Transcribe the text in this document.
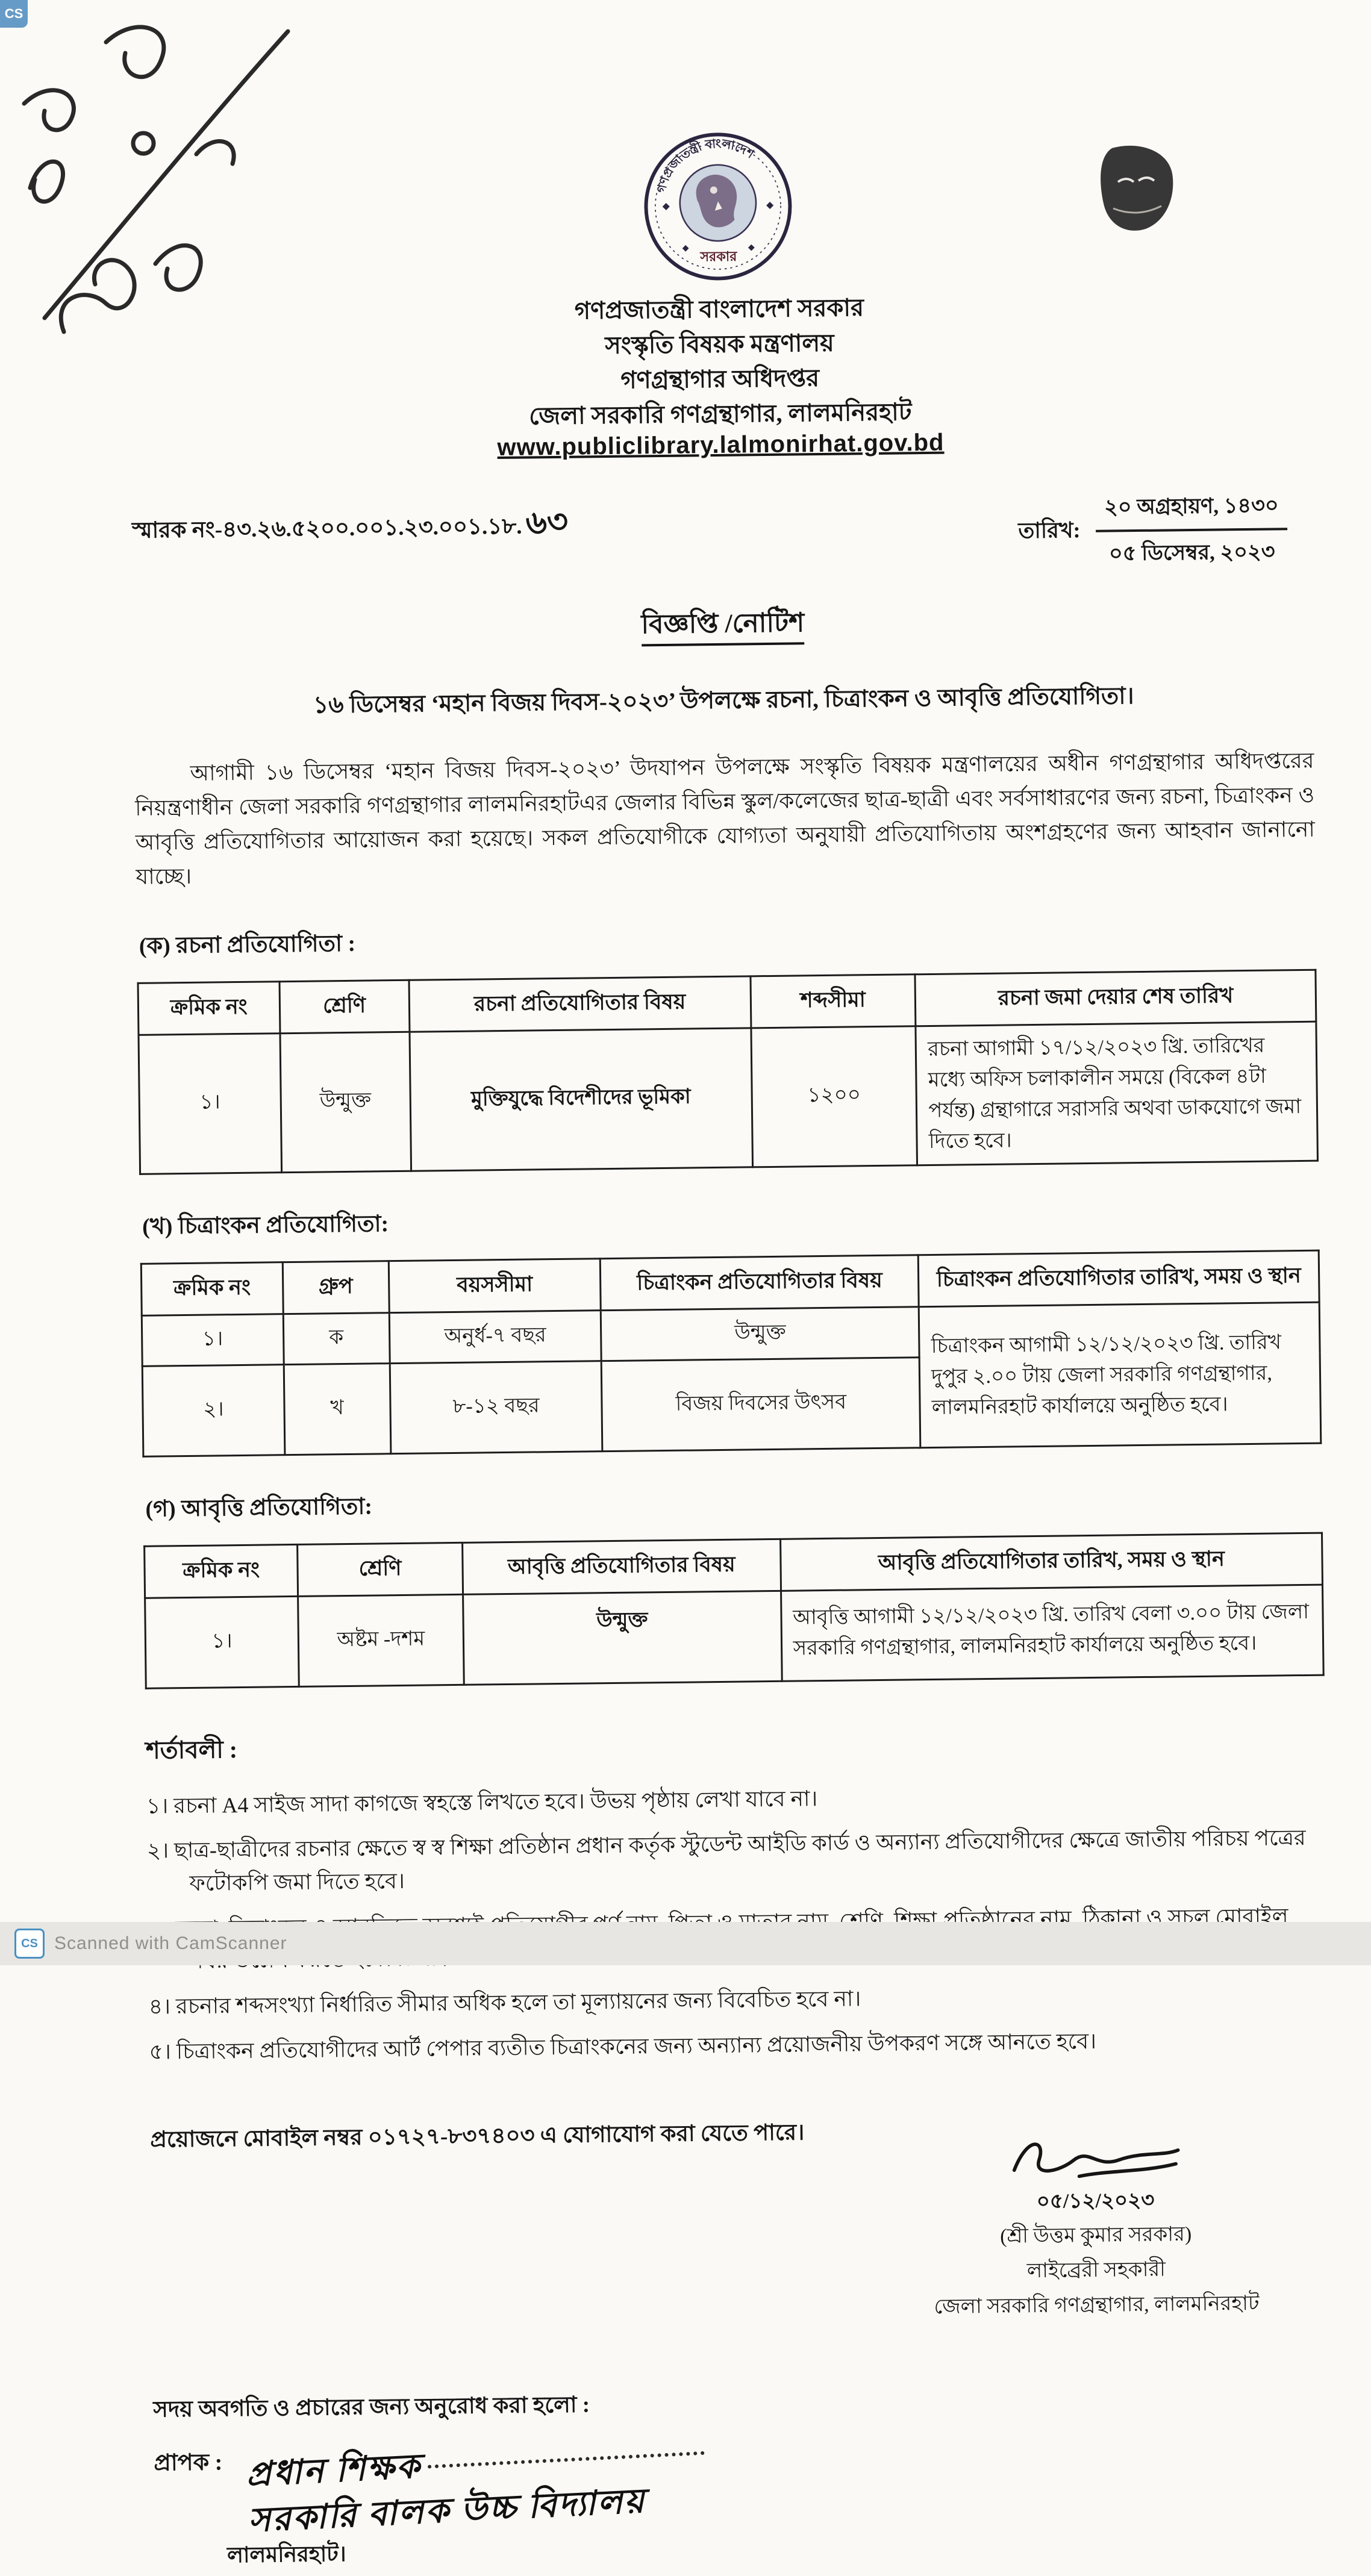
CS
গণপ্রজাতন্ত্রী বাংলাদেশ
সরকার
গণপ্রজাতন্ত্রী বাংলাদেশ সরকার
সংস্কৃতি বিষয়ক মন্ত্রণালয়
গণগ্রন্থাগার অধিদপ্তর
জেলা সরকারি গণগ্রন্থাগার, লালমনিরহাট
www.publiclibrary.lalmonirhat.gov.bd
স্মারক নং-৪৩.২৬.৫২০০.০০১.২৩.০০১.১৮.৬৩	তারিখ:
২০ অগ্রহায়ণ, ১৪৩০
০৫ ডিসেম্বর, ২০২৩
বিজ্ঞপ্তি /নোটিশ
১৬ ডিসেম্বর ‘মহান বিজয় দিবস-২০২৩’ উপলক্ষে রচনা, চিত্রাংকন ও আবৃত্তি প্রতিযোগিতা।
আগামী ১৬ ডিসেম্বর ‘মহান বিজয় দিবস-২০২৩’ উদযাপন উপলক্ষে সংস্কৃতি বিষয়ক মন্ত্রণালয়ের অধীন গণগ্রন্থাগার অধিদপ্তরের নিয়ন্ত্রণাধীন জেলা সরকারি গণগ্রন্থাগার লালমনিরহাটএর জেলার বিভিন্ন স্কুল/কলেজের ছাত্র-ছাত্রী এবং সর্বসাধারণের জন্য রচনা, চিত্রাংকন ও আবৃত্তি প্রতিযোগিতার আয়োজন করা হয়েছে। সকল প্রতিযোগীকে যোগ্যতা অনুযায়ী প্রতিযোগিতায় অংশগ্রহণের জন্য আহবান জানানো যাচ্ছে।
(ক) রচনা প্রতিযোগিতা :
ক্রমিক নং	শ্রেণি	রচনা প্রতিযোগিতার বিষয়	শব্দসীমা	রচনা জমা দেয়ার শেষ তারিখ
১।	উন্মুক্ত	মুক্তিযুদ্ধে বিদেশীদের ভূমিকা	১২০০	রচনা আগামী ১৭/১২/২০২৩ খ্রি. তারিখের মধ্যে অফিস চলাকালীন সময়ে (বিকেল ৪টা পর্যন্ত) গ্রন্থাগারে সরাসরি অথবা ডাকযোগে জমা দিতে হবে।
(খ) চিত্রাংকন প্রতিযোগিতা:
ক্রমিক নং	গ্রুপ	বয়সসীমা	চিত্রাংকন প্রতিযোগিতার বিষয়	চিত্রাংকন প্রতিযোগিতার তারিখ, সময় ও স্থান
১।	ক	অনুর্ধ-৭ বছর	উন্মুক্ত	চিত্রাংকন আগামী ১২/১২/২০২৩ খ্রি. তারিখ দুপুর ২.০০ টায় জেলা সরকারি গণগ্রন্থাগার, লালমনিরহাট কার্যালয়ে অনুষ্ঠিত হবে।
২।	খ	৮-১২ বছর	বিজয় দিবসের উৎসব	
(গ) আবৃত্তি প্রতিযোগিতা:
ক্রমিক নং	শ্রেণি	আবৃত্তি প্রতিযোগিতার বিষয়	আবৃত্তি প্রতিযোগিতার তারিখ, সময় ও স্থান
১।	অষ্টম -দশম	উন্মুক্ত	আবৃত্তি আগামী ১২/১২/২০২৩ খ্রি. তারিখ বেলা ৩.০০ টায় জেলা সরকারি গণগ্রন্থাগার, লালমনিরহাট কার্যালয়ে অনুষ্ঠিত হবে।
শর্তাবলী :
১। রচনা A4 সাইজ সাদা কাগজে স্বহস্তে লিখতে হবে। উভয় পৃষ্ঠায় লেখা যাবে না।
২। ছাত্র-ছাত্রীদের রচনার ক্ষেতে স্ব স্ব শিক্ষা প্রতিষ্ঠান প্রধান কর্তৃক স্টুডেন্ট আইডি কার্ড ও অন্যান্য প্রতিযোগীদের ক্ষেত্রে জাতীয় পরিচয় পত্রের ফটোকপি জমা দিতে হবে।
৪। রচনার শব্দসংখ্যা নির্ধারিত সীমার অধিক হলে তা মূল্যায়নের জন্য বিবেচিত হবে না।
৫। চিত্রাংকন প্রতিযোগীদের আর্ট পেপার ব্যতীত চিত্রাংকনের জন্য অন্যান্য প্রয়োজনীয় উপকরণ সঙ্গে আনতে হবে।
প্রয়োজনে মোবাইল নম্বর ০১৭২৭-৮৩৭৪০৩ এ যোগাযোগ করা যেতে পারে।
০৫/১২/২০২৩
(শ্রী উত্তম কুমার সরকার)
লাইব্রেরী সহকারী
জেলা সরকারি গণগ্রন্থাগার, লালমনিরহাট
সদয় অবগতি ও প্রচারের জন্য অনুরোধ করা হলো :
প্রাপক : প্রধান শিক্ষক
সরকারি বালক উচ্চ বিদ্যালয়
লালমনিরহাট।
CS Scanned with CamScanner
